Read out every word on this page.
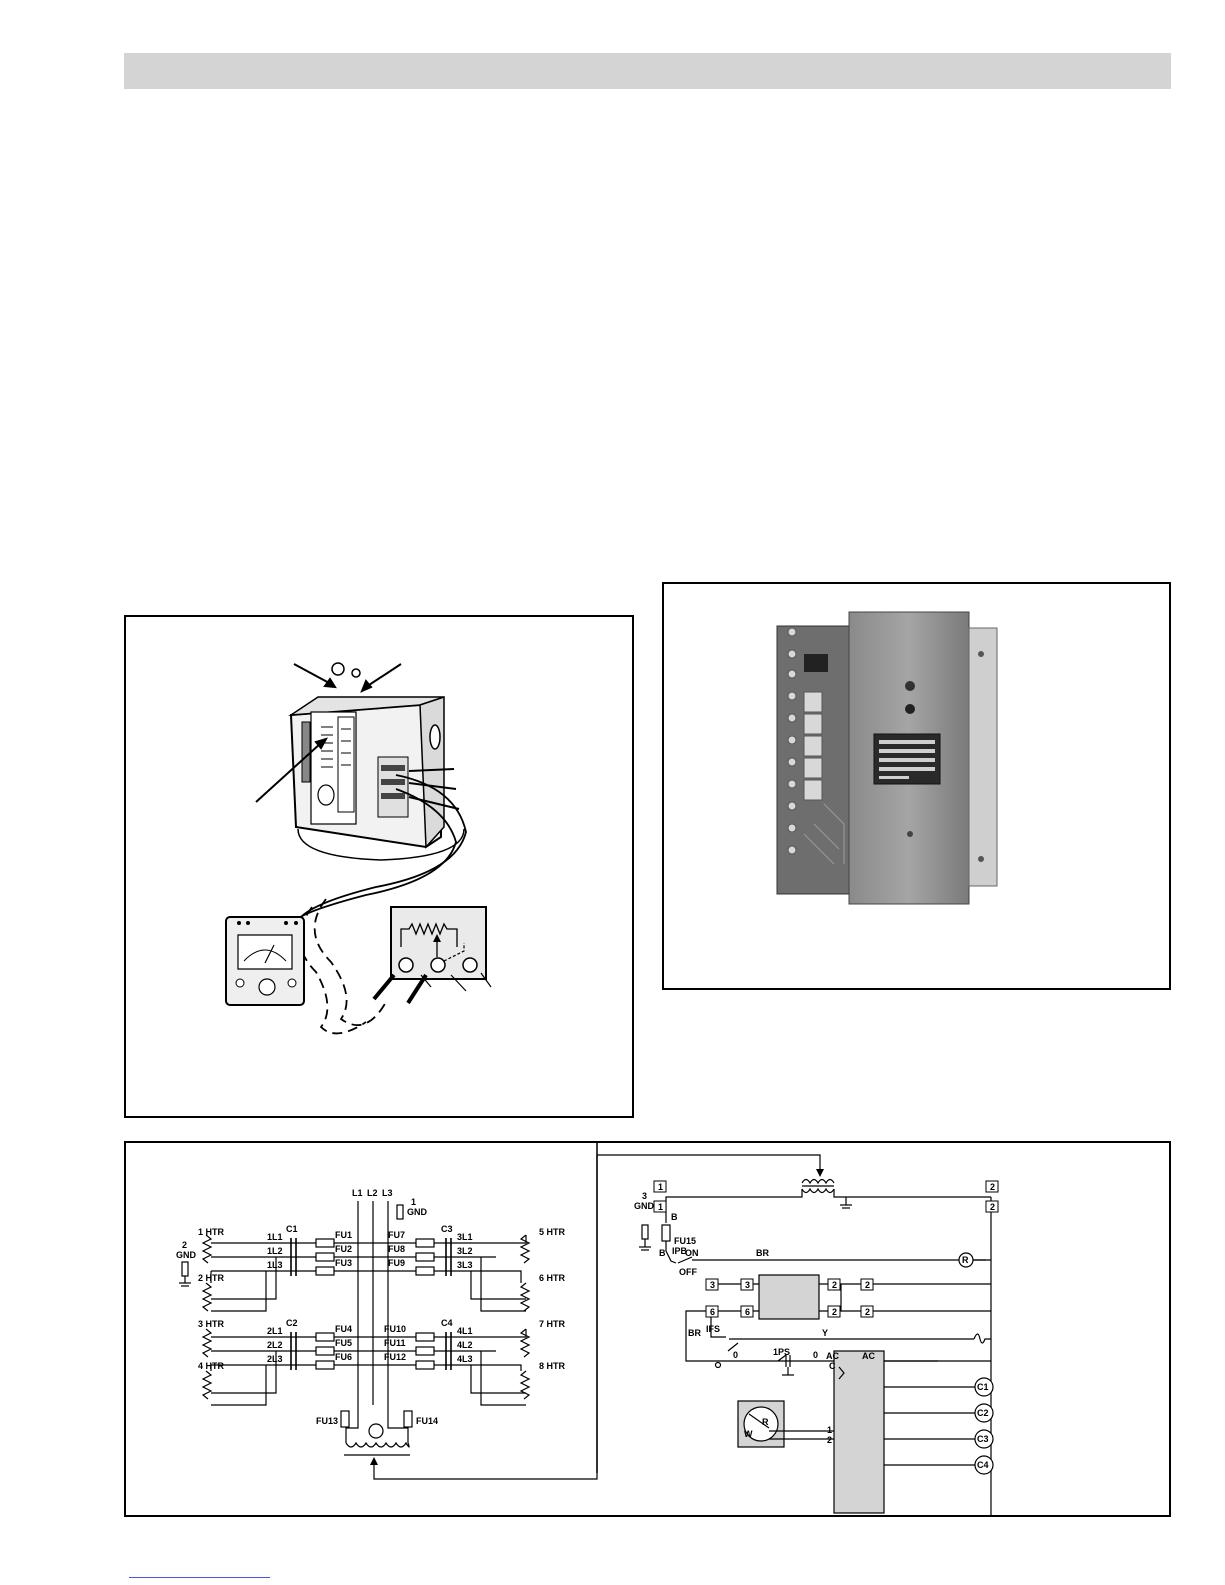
L1 L2 L3
1
GND
2
GND
1 HTR
2 HTR
3 HTR
4 HTR
5 HTR
6 HTR
7 HTR
8 HTR
C1
C2
C3
C4
1L1
1L2
1L3
2L1
2L2
2L3
3L1
3L2
3L3
4L1
4L2
4L3
FU1
FU2
FU3
FU4
FU5
FU6
FU7
FU8
FU9
FU10
FU11
FU12
FU13	FU14
1
1
2
2
3	3
6	6
2	2
2	2
3
GND
FU15
B
B IPB
ON
OFF
BR
BR IFS	Y
0	0
1PS	AC
C
AC
R
R
W	1
2
C1
C2
C3
C4
